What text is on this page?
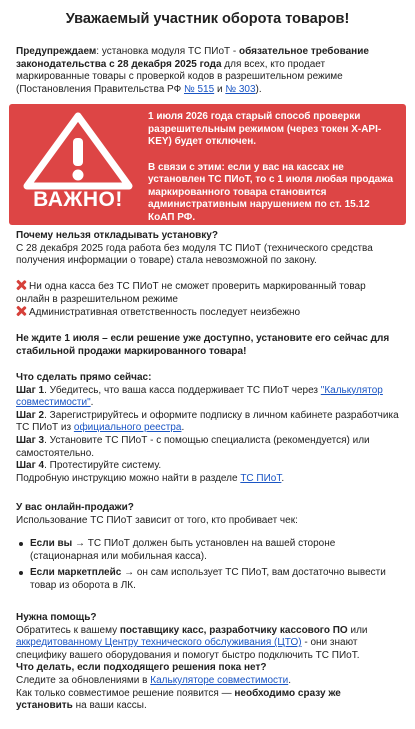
Уважаемый участник оборота товаров!
Предупреждаем: установка модуля ТС ПИоТ - обязательное требование законодательства с 28 декабря 2025 года для всех, кто продает маркированные товары с проверкой кодов в разрешительном режиме (Постановления Правительства РФ № 515 и № 303).
ВАЖНО!

1 июля 2026 года старый способ проверки разрешительным режимом (через токен X-API-KEY) будет отключен.

В связи с этим: если у вас на кассах не установлен ТС ПИоТ, то с 1 июля любая продажа маркированного товара становится административным нарушением по ст. 15.12 КоАП РФ.

Почему нельзя откладывать установку?
С 28 декабря 2025 года работа без модуля ТС ПИоТ (технического средства получения информации о товаре) стала невозможной по закону.
Ни одна касса без ТС ПИоТ не сможет проверить маркированный товар онлайн в разрешительном режиме
Административная ответственность последует неизбежно
Не ждите 1 июля – если решение уже доступно, установите его сейчас для стабильной продажи маркированного товара!
Что сделать прямо сейчас:
Шаг 1. Убедитесь, что ваша касса поддерживает ТС ПИоТ через "Калькулятор совместимости".
Шаг 2. Зарегистрируйтесь и оформите подписку в личном кабинете разработчика ТС ПИоТ из официального реестра.
Шаг 3. Установите ТС ПИоТ - с помощью специалиста (рекомендуется) или самостоятельно.
Шаг 4. Протестируйте систему.
Подробную инструкцию можно найти в разделе ТС ПИоТ.
У вас онлайн-продажи?
Использование ТС ПИоТ зависит от того, кто пробивает чек:
Если вы → ТС ПИоТ должен быть установлен на вашей стороне (стационарная или мобильная касса).
Если маркетплейс → он сам использует ТС ПИоТ, вам достаточно вывести товар из оборота в ЛК.
Нужна помощь?
Обратитесь к вашему поставщику касс, разработчику кассового ПО или аккредитованному Центру технического обслуживания (ЦТО) - они знают специфику вашего оборудования и помогут быстро подключить ТС ПИоТ.
Что делать, если подходящего решения пока нет?
Следите за обновлениями в Калькуляторе совместимости.
Как только совместимое решение появится — необходимо сразу же установить на ваши кассы.
